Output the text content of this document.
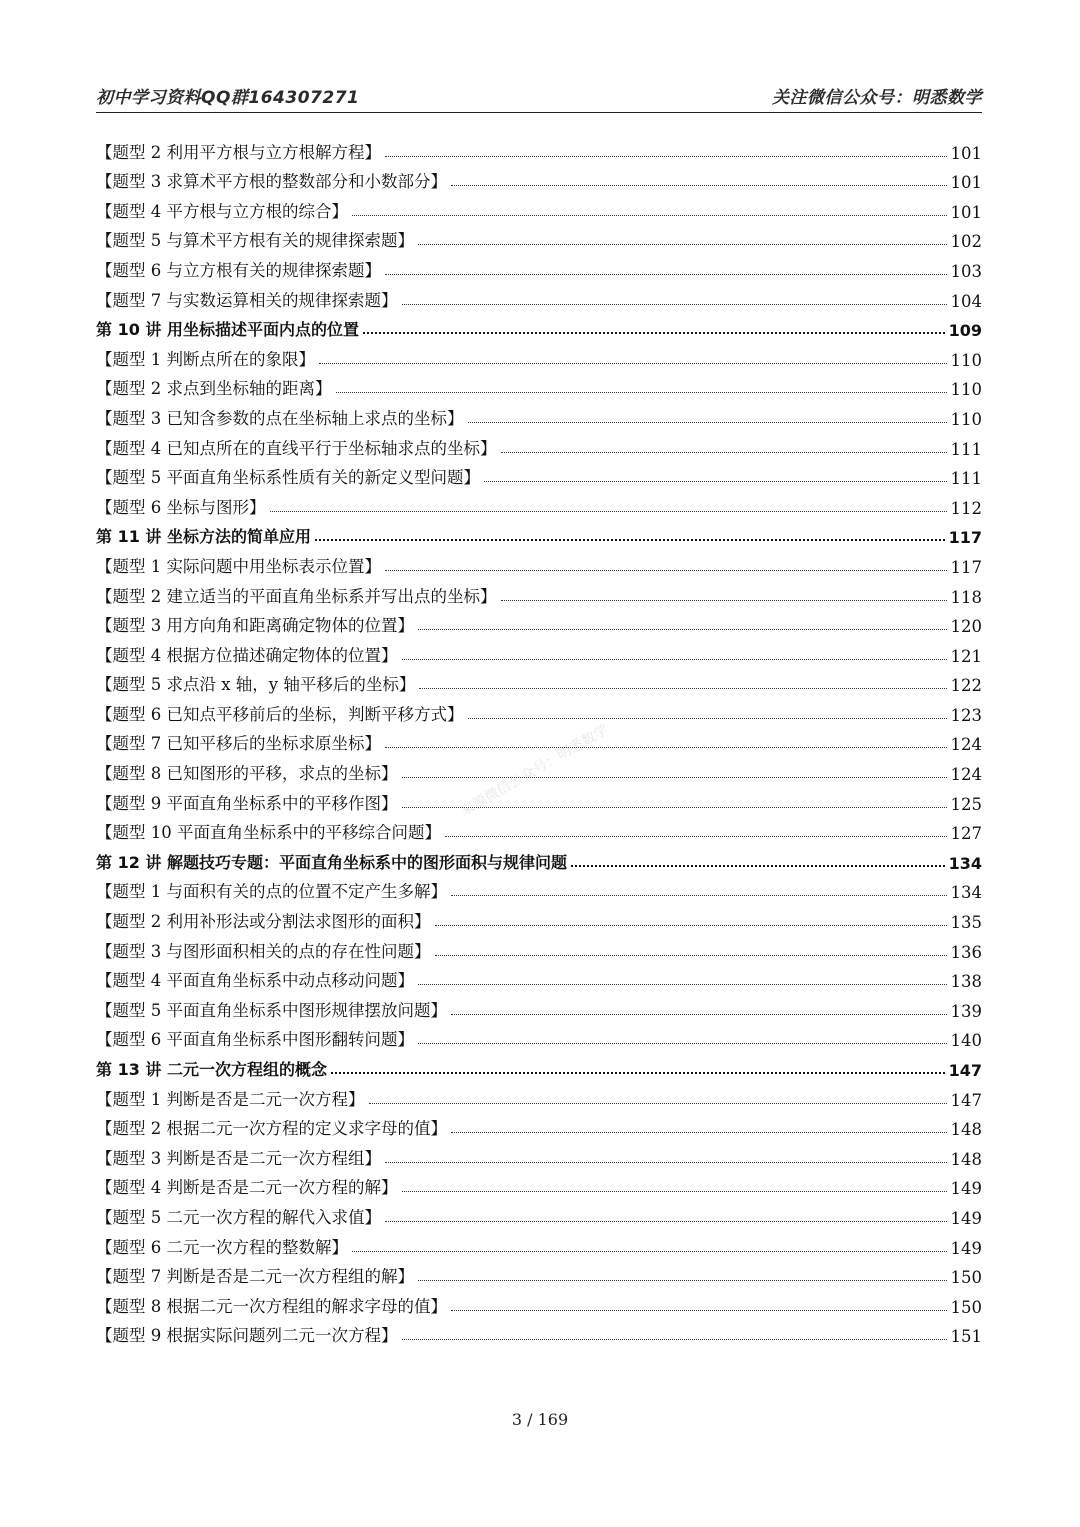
初中学习资料QQ群164307271	关注微信公众号：明悉数学
来源微信公众号：明悉数学
【题型 2 利用平方根与立方根解方程】	101
【题型 3 求算术平方根的整数部分和小数部分】	101
【题型 4 平方根与立方根的综合】	101
【题型 5 与算术平方根有关的规律探索题】	102
【题型 6 与立方根有关的规律探索题】	103
【题型 7 与实数运算相关的规律探索题】	104
第 10 讲 用坐标描述平面内点的位置	109
【题型 1 判断点所在的象限】	110
【题型 2 求点到坐标轴的距离】	110
【题型 3 已知含参数的点在坐标轴上求点的坐标】	110
【题型 4 已知点所在的直线平行于坐标轴求点的坐标】	111
【题型 5 平面直角坐标系性质有关的新定义型问题】	111
【题型 6 坐标与图形】	112
第 11 讲 坐标方法的简单应用	117
【题型 1 实际问题中用坐标表示位置】	117
【题型 2 建立适当的平面直角坐标系并写出点的坐标】	118
【题型 3 用方向角和距离确定物体的位置】	120
【题型 4 根据方位描述确定物体的位置】	121
【题型 5 求点沿 x 轴，y 轴平移后的坐标】	122
【题型 6 已知点平移前后的坐标，判断平移方式】	123
【题型 7 已知平移后的坐标求原坐标】	124
【题型 8 已知图形的平移，求点的坐标】	124
【题型 9 平面直角坐标系中的平移作图】	125
【题型 10 平面直角坐标系中的平移综合问题】	127
第 12 讲 解题技巧专题：平面直角坐标系中的图形面积与规律问题	134
【题型 1 与面积有关的点的位置不定产生多解】	134
【题型 2 利用补形法或分割法求图形的面积】	135
【题型 3 与图形面积相关的点的存在性问题】	136
【题型 4 平面直角坐标系中动点移动问题】	138
【题型 5 平面直角坐标系中图形规律摆放问题】	139
【题型 6 平面直角坐标系中图形翻转问题】	140
第 13 讲 二元一次方程组的概念	147
【题型 1 判断是否是二元一次方程】	147
【题型 2 根据二元一次方程的定义求字母的值】	148
【题型 3 判断是否是二元一次方程组】	148
【题型 4 判断是否是二元一次方程的解】	149
【题型 5 二元一次方程的解代入求值】	149
【题型 6 二元一次方程的整数解】	149
【题型 7 判断是否是二元一次方程组的解】	150
【题型 8 根据二元一次方程组的解求字母的值】	150
【题型 9 根据实际问题列二元一次方程】	151
3 / 169
